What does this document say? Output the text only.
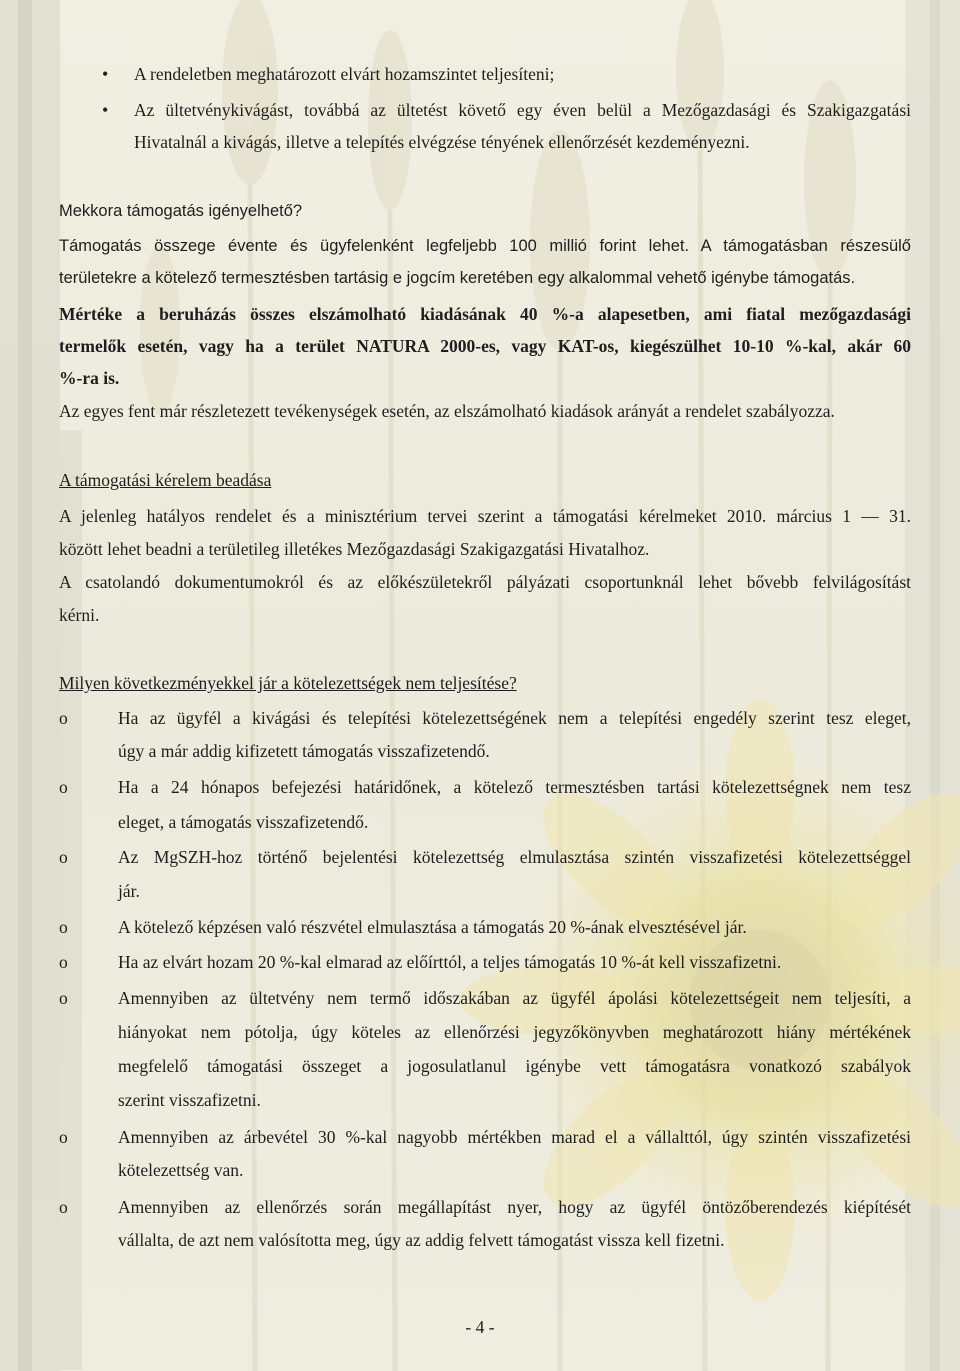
• A rendeletben meghatározott elvárt hozamszintet teljesíteni;
• Az ültetvénykivágást, továbbá az ültetést követő egy éven belül a Mezőgazdasági és Szakigazgatási
Hivatalnál a kivágás, illetve a telepítés elvégzése tényének ellenőrzését kezdeményezni.
Mekkora támogatás igényelhető?
Támogatás összege évente és ügyfelenként legfeljebb 100 millió forint lehet. A támogatásban részesülő
területekre a kötelező termesztésben tartásig e jogcím keretében egy alkalommal vehető igénybe támogatás.
Mértéke a beruházás összes elszámolható kiadásának 40 %-a alapesetben, ami fiatal mezőgazdasági
termelők esetén, vagy ha a terület NATURA 2000-es, vagy KAT-os, kiegészülhet 10-10 %-kal, akár 60
%-ra is.
Az egyes fent már részletezett tevékenységek esetén, az elszámolható kiadások arányát a rendelet szabályozza.
A támogatási kérelem beadása
A jelenleg hatályos rendelet és a minisztérium tervei szerint a támogatási kérelmeket 2010. március 1 — 31.
között lehet beadni a területileg illetékes Mezőgazdasági Szakigazgatási Hivatalhoz.
A csatolandó dokumentumokról és az előkészületekről pályázati csoportunknál lehet bővebb felvilágosítást
kérni.
Milyen következményekkel jár a kötelezettségek nem teljesítése?
o	Ha az ügyfél a kivágási és telepítési kötelezettségének nem a telepítési engedély szerint tesz eleget,
úgy a már addig kifizetett támogatás visszafizetendő.
o	Ha a 24 hónapos befejezési határidőnek, a kötelező termesztésben tartási kötelezettségnek nem tesz
eleget, a támogatás visszafizetendő.
o	Az MgSZH-hoz történő bejelentési kötelezettség elmulasztása szintén visszafizetési kötelezettséggel
jár.
o	A kötelező képzésen való részvétel elmulasztása a támogatás 20 %-ának elvesztésével jár.
o	Ha az elvárt hozam 20 %-kal elmarad az előírttól, a teljes támogatás 10 %-át kell visszafizetni.
o	Amennyiben az ültetvény nem termő időszakában az ügyfél ápolási kötelezettségeit nem teljesíti, a
hiányokat nem pótolja, úgy köteles az ellenőrzési jegyzőkönyvben meghatározott hiány mértékének
megfelelő támogatási összeget a jogosulatlanul igénybe vett támogatásra vonatkozó szabályok
szerint visszafizetni.
o	Amennyiben az árbevétel 30 %-kal nagyobb mértékben marad el a vállalttól, úgy szintén visszafizetési
kötelezettség van.
o	Amennyiben az ellenőrzés során megállapítást nyer, hogy az ügyfél öntözőberendezés kiépítését
vállalta, de azt nem valósította meg, úgy az addig felvett támogatást vissza kell fizetni.
- 4 -
